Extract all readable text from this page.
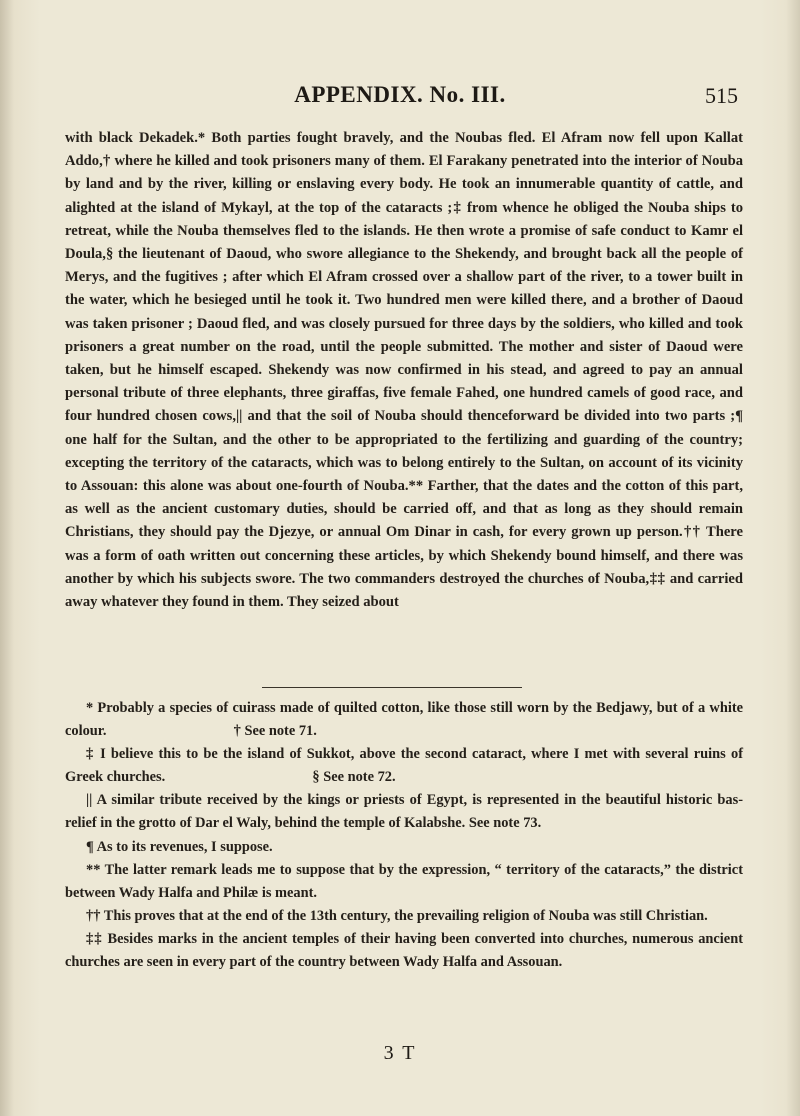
APPENDIX. No. III.	515

with black Dekadek.* Both parties fought bravely, and the Noubas fled. El Afram now fell upon Kallat Addo,† where he killed and took prisoners many of them. El Farakany penetrated into the interior of Nouba by land and by the river, killing or enslaving every body. He took an innumerable quantity of cattle, and alighted at the island of Mykayl, at the top of the cataracts ;‡ from whence he obliged the Nouba ships to retreat, while the Nouba themselves fled to the islands. He then wrote a promise of safe conduct to Kamr el Doula,§ the lieutenant of Daoud, who swore allegiance to the Shekendy, and brought back all the people of Merys, and the fugitives ; after which El Afram crossed over a shallow part of the river, to a tower built in the water, which he besieged until he took it. Two hundred men were killed there, and a brother of Daoud was taken prisoner ; Daoud fled, and was closely pursued for three days by the soldiers, who killed and took prisoners a great number on the road, until the people submitted. The mother and sister of Daoud were taken, but he himself escaped. Shekendy was now confirmed in his stead, and agreed to pay an annual personal tribute of three elephants, three giraffas, five female Fahed, one hundred camels of good race, and four hundred chosen cows,|| and that the soil of Nouba should thenceforward be divided into two parts ;¶ one half for the Sultan, and the other to be appropriated to the fertilizing and guarding of the country; excepting the territory of the cataracts, which was to belong entirely to the Sultan, on account of its vicinity to Assouan: this alone was about one-fourth of Nouba.** Farther, that the dates and the cotton of this part, as well as the ancient customary duties, should be carried off, and that as long as they should remain Christians, they should pay the Djezye, or annual Om Dinar in cash, for every grown up person.†† There was a form of oath written out concerning these articles, by which Shekendy bound himself, and there was another by which his subjects swore. The two commanders destroyed the churches of Nouba,‡‡ and carried away whatever they found in them. They seized about

* Probably a species of cuirass made of quilted cotton, like those still worn by the Bedjawy, but of a white colour.	† See note 71.

‡ I believe this to be the island of Sukkot, above the second cataract, where I met with several ruins of Greek churches.	§ See note 72.

|| A similar tribute received by the kings or priests of Egypt, is represented in the beautiful historic bas-relief in the grotto of Dar el Waly, behind the temple of Kalabshe. See note 73.

¶ As to its revenues, I suppose.

** The latter remark leads me to suppose that by the expression, “ territory of the cataracts,” the district between Wady Halfa and Philæ is meant.

†† This proves that at the end of the 13th century, the prevailing religion of Nouba was still Christian.

‡‡ Besides marks in the ancient temples of their having been converted into churches, numerous ancient churches are seen in every part of the country between Wady Halfa and Assouan.

3 T
